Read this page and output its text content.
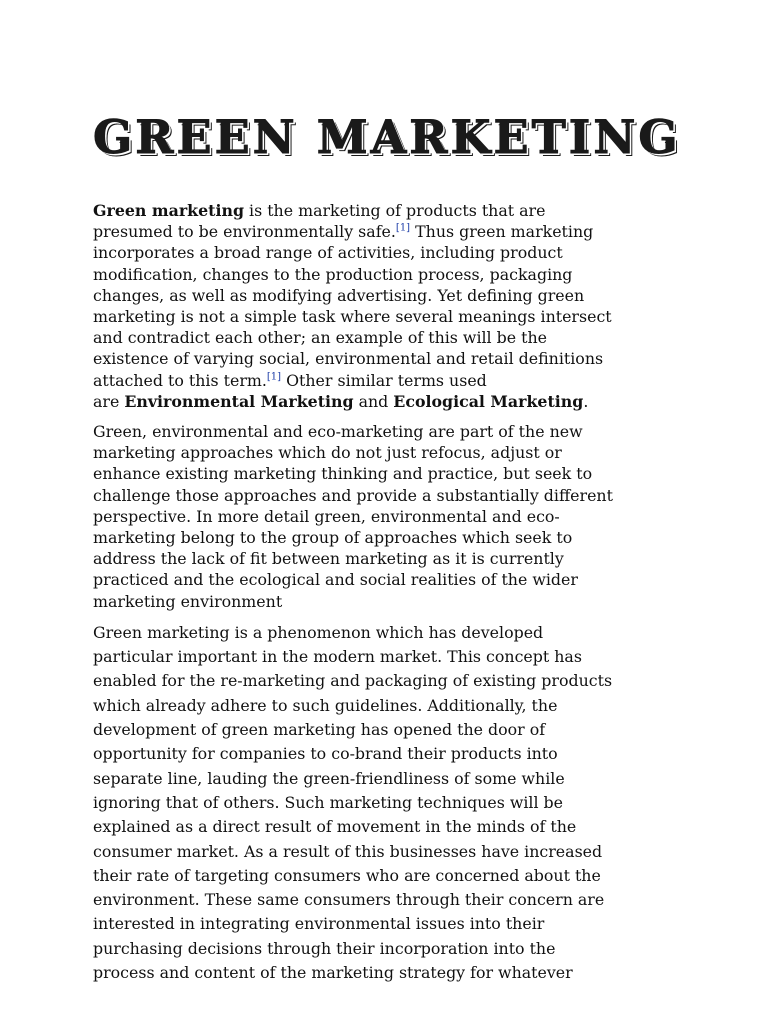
GREEN MARKETING

Green marketing is the marketing of products that are
presumed to be environmentally safe.[1] Thus green marketing
incorporates a broad range of activities, including product
modification, changes to the production process, packaging
changes, as well as modifying advertising. Yet defining green
marketing is not a simple task where several meanings intersect
and contradict each other; an example of this will be the
existence of varying social, environmental and retail definitions
attached to this term.[1] Other similar terms used
are Environmental Marketing and Ecological Marketing.

Green, environmental and eco-marketing are part of the new
marketing approaches which do not just refocus, adjust or
enhance existing marketing thinking and practice, but seek to
challenge those approaches and provide a substantially different
perspective. In more detail green, environmental and eco-
marketing belong to the group of approaches which seek to
address the lack of fit between marketing as it is currently
practiced and the ecological and social realities of the wider
marketing environment

Green marketing is a phenomenon which has developed
particular important in the modern market. This concept has
enabled for the re-marketing and packaging of existing products
which already adhere to such guidelines. Additionally, the
development of green marketing has opened the door of
opportunity for companies to co-brand their products into
separate line, lauding the green-friendliness of some while
ignoring that of others. Such marketing techniques will be
explained as a direct result of movement in the minds of the
consumer market. As a result of this businesses have increased
their rate of targeting consumers who are concerned about the
environment. These same consumers through their concern are
interested in integrating environmental issues into their
purchasing decisions through their incorporation into the
process and content of the marketing strategy for whatever
